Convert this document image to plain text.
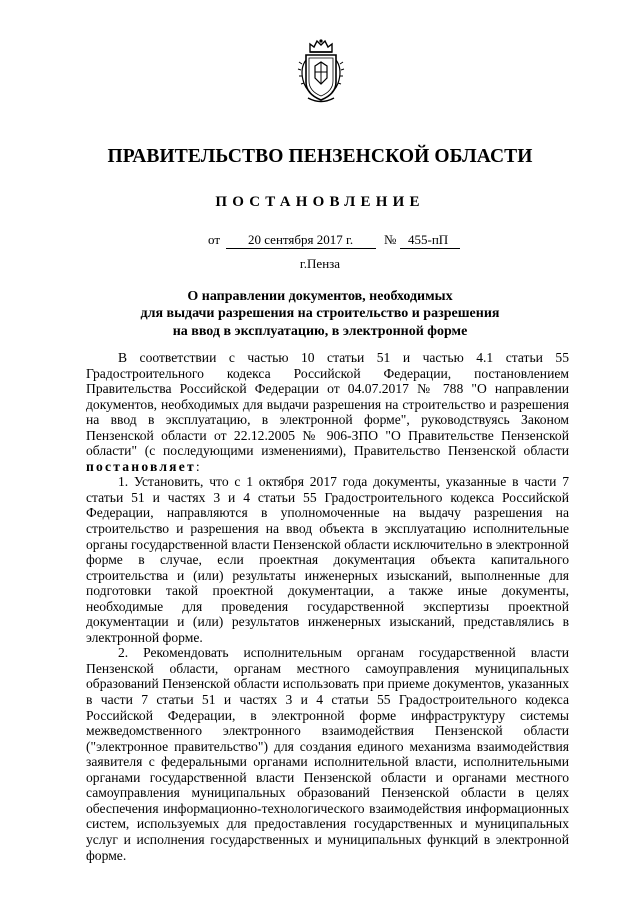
ПРАВИТЕЛЬСТВО ПЕНЗЕНСКОЙ ОБЛАСТИ
ПОСТАНОВЛЕНИЕ
от 20 сентября 2017 г. № 455-пП
г.Пенза
О направлении документов, необходимых
для выдачи разрешения на строительство и разрешения
на ввод в эксплуатацию, в электронной форме

В соответствии с частью 10 статьи 51 и частью 4.1 статьи 55 Градостроительного кодекса Российской Федерации, постановлением Правительства Российской Федерации от 04.07.2017 № 788 "О направлении документов, необходимых для выдачи разрешения на строительство и разрешения на ввод в эксплуатацию, в электронной форме", руководствуясь Законом Пензенской области от 22.12.2005 № 906-ЗПО "О Правительстве Пензенской области" (с последующими изменениями), Правительство Пензенской области постановляет:

1. Установить, что с 1 октября 2017 года документы, указанные в части 7 статьи 51 и частях 3 и 4 статьи 55 Градостроительного кодекса Российской Федерации, направляются в уполномоченные на выдачу разрешения на строительство и разрешения на ввод объекта в эксплуатацию исполнительные органы государственной власти Пензенской области исключительно в электронной форме в случае, если проектная документация объекта капитального строительства и (или) результаты инженерных изысканий, выполненные для подготовки такой проектной документации, а также иные документы, необходимые для проведения государственной экспертизы проектной документации и (или) результатов инженерных изысканий, представлялись в электронной форме.

2. Рекомендовать исполнительным органам государственной власти Пензенской области, органам местного самоуправления муниципальных образований Пензенской области использовать при приеме документов, указанных в части 7 статьи 51 и частях 3 и 4 статьи 55 Градостроительного кодекса Российской Федерации, в электронной форме инфраструктуру системы межведомственного электронного взаимодействия Пензенской области ("электронное правительство") для создания единого механизма взаимодействия заявителя с федеральными органами исполнительной власти, исполнительными органами государственной власти Пензенской области и органами местного самоуправления муниципальных образований Пензенской области в целях обеспечения информационно-технологического взаимодействия информационных систем, используемых для предоставления государственных и муниципальных услуг и исполнения государственных и муниципальных функций в электронной форме.
